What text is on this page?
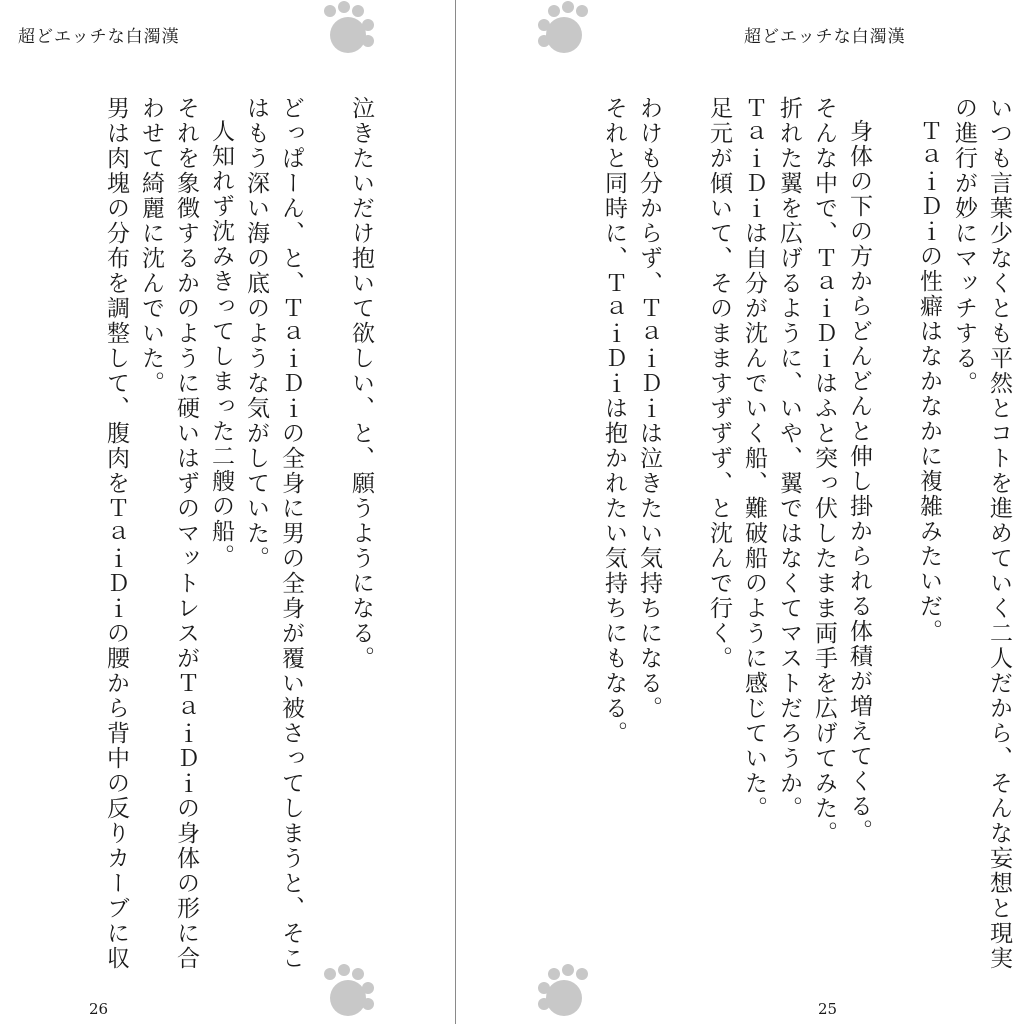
超どエッチな白濁漢

泣きたいだけ抱いて欲しい、と、願うようになる。

どっぱーん、と、ＴａｉＤｉの全身に男の全身が覆い被さってしまうと、そこ

はもう深い海の底のような気がしていた。

人知れず沈みきってしまった二艘の船。

それを象徴するかのように硬いはずのマットレスがＴａｉＤｉの身体の形に合

わせて綺麗に沈んでいた。

男は肉塊の分布を調整して、腹肉をＴａｉＤｉの腰から背中の反りカーブに収

26
超どエッチな白濁漢

いつも言葉少なくとも平然とコトを進めていく二人だから、そんな妄想と現実

の進行が妙にマッチする。

ＴａｉＤｉの性癖はなかなかに複雑みたいだ。

身体の下の方からどんどんと伸し掛かられる体積が増えてくる。

そんな中で、ＴａｉＤｉはふと突っ伏したまま両手を広げてみた。

折れた翼を広げるように、いや、翼ではなくてマストだろうか。

ＴａｉＤｉは自分が沈んでいく船、難破船のように感じていた。

足元が傾いて、そのまますずずず、と沈んで行く。

わけも分からず、ＴａｉＤｉは泣きたい気持ちになる。

それと同時に、ＴａｉＤｉは抱かれたい気持ちにもなる。

25
